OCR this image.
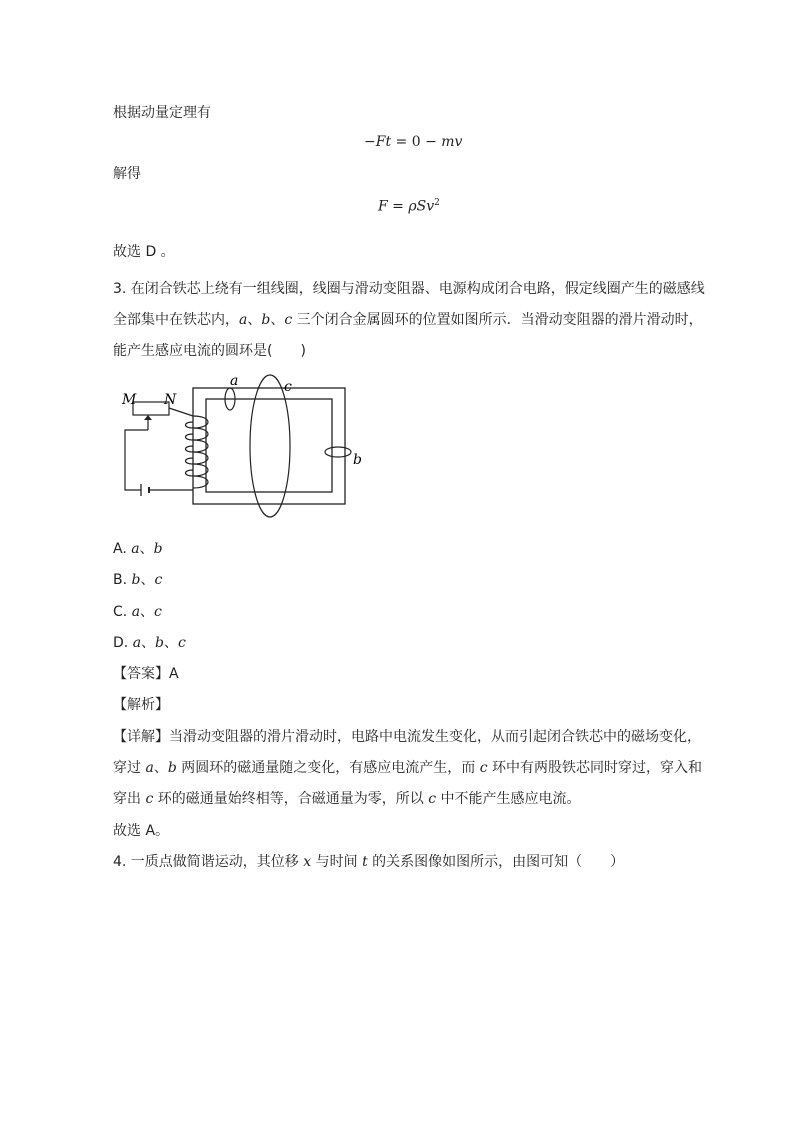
根据动量定理有
−Ft = 0 − mv
解得
F = ρSv$^2$
故选 D 。
3. 在闭合铁芯上绕有一组线圈，线圈与滑动变阻器、电源构成闭合电路，假定线圈产生的磁感线
全部集中在铁芯内，a、b、c 三个闭合金属圆环的位置如图所示．当滑动变阻器的滑片滑动时，
能产生感应电流的圆环是(　　)
M N
a	c
b
A. a、b
B. b、c
C. a、c
D. a、b、c
【答案】A
【解析】
【详解】当滑动变阻器的滑片滑动时，电路中电流发生变化，从而引起闭合铁芯中的磁场变化，
穿过 a、b 两圆环的磁通量随之变化，有感应电流产生，而 c 环中有两股铁芯同时穿过，穿入和
穿出 c 环的磁通量始终相等，合磁通量为零，所以 c 中不能产生感应电流。
故选 A。
4. 一质点做简谐运动，其位移 x 与时间 t 的关系图像如图所示，由图可知（　　）
